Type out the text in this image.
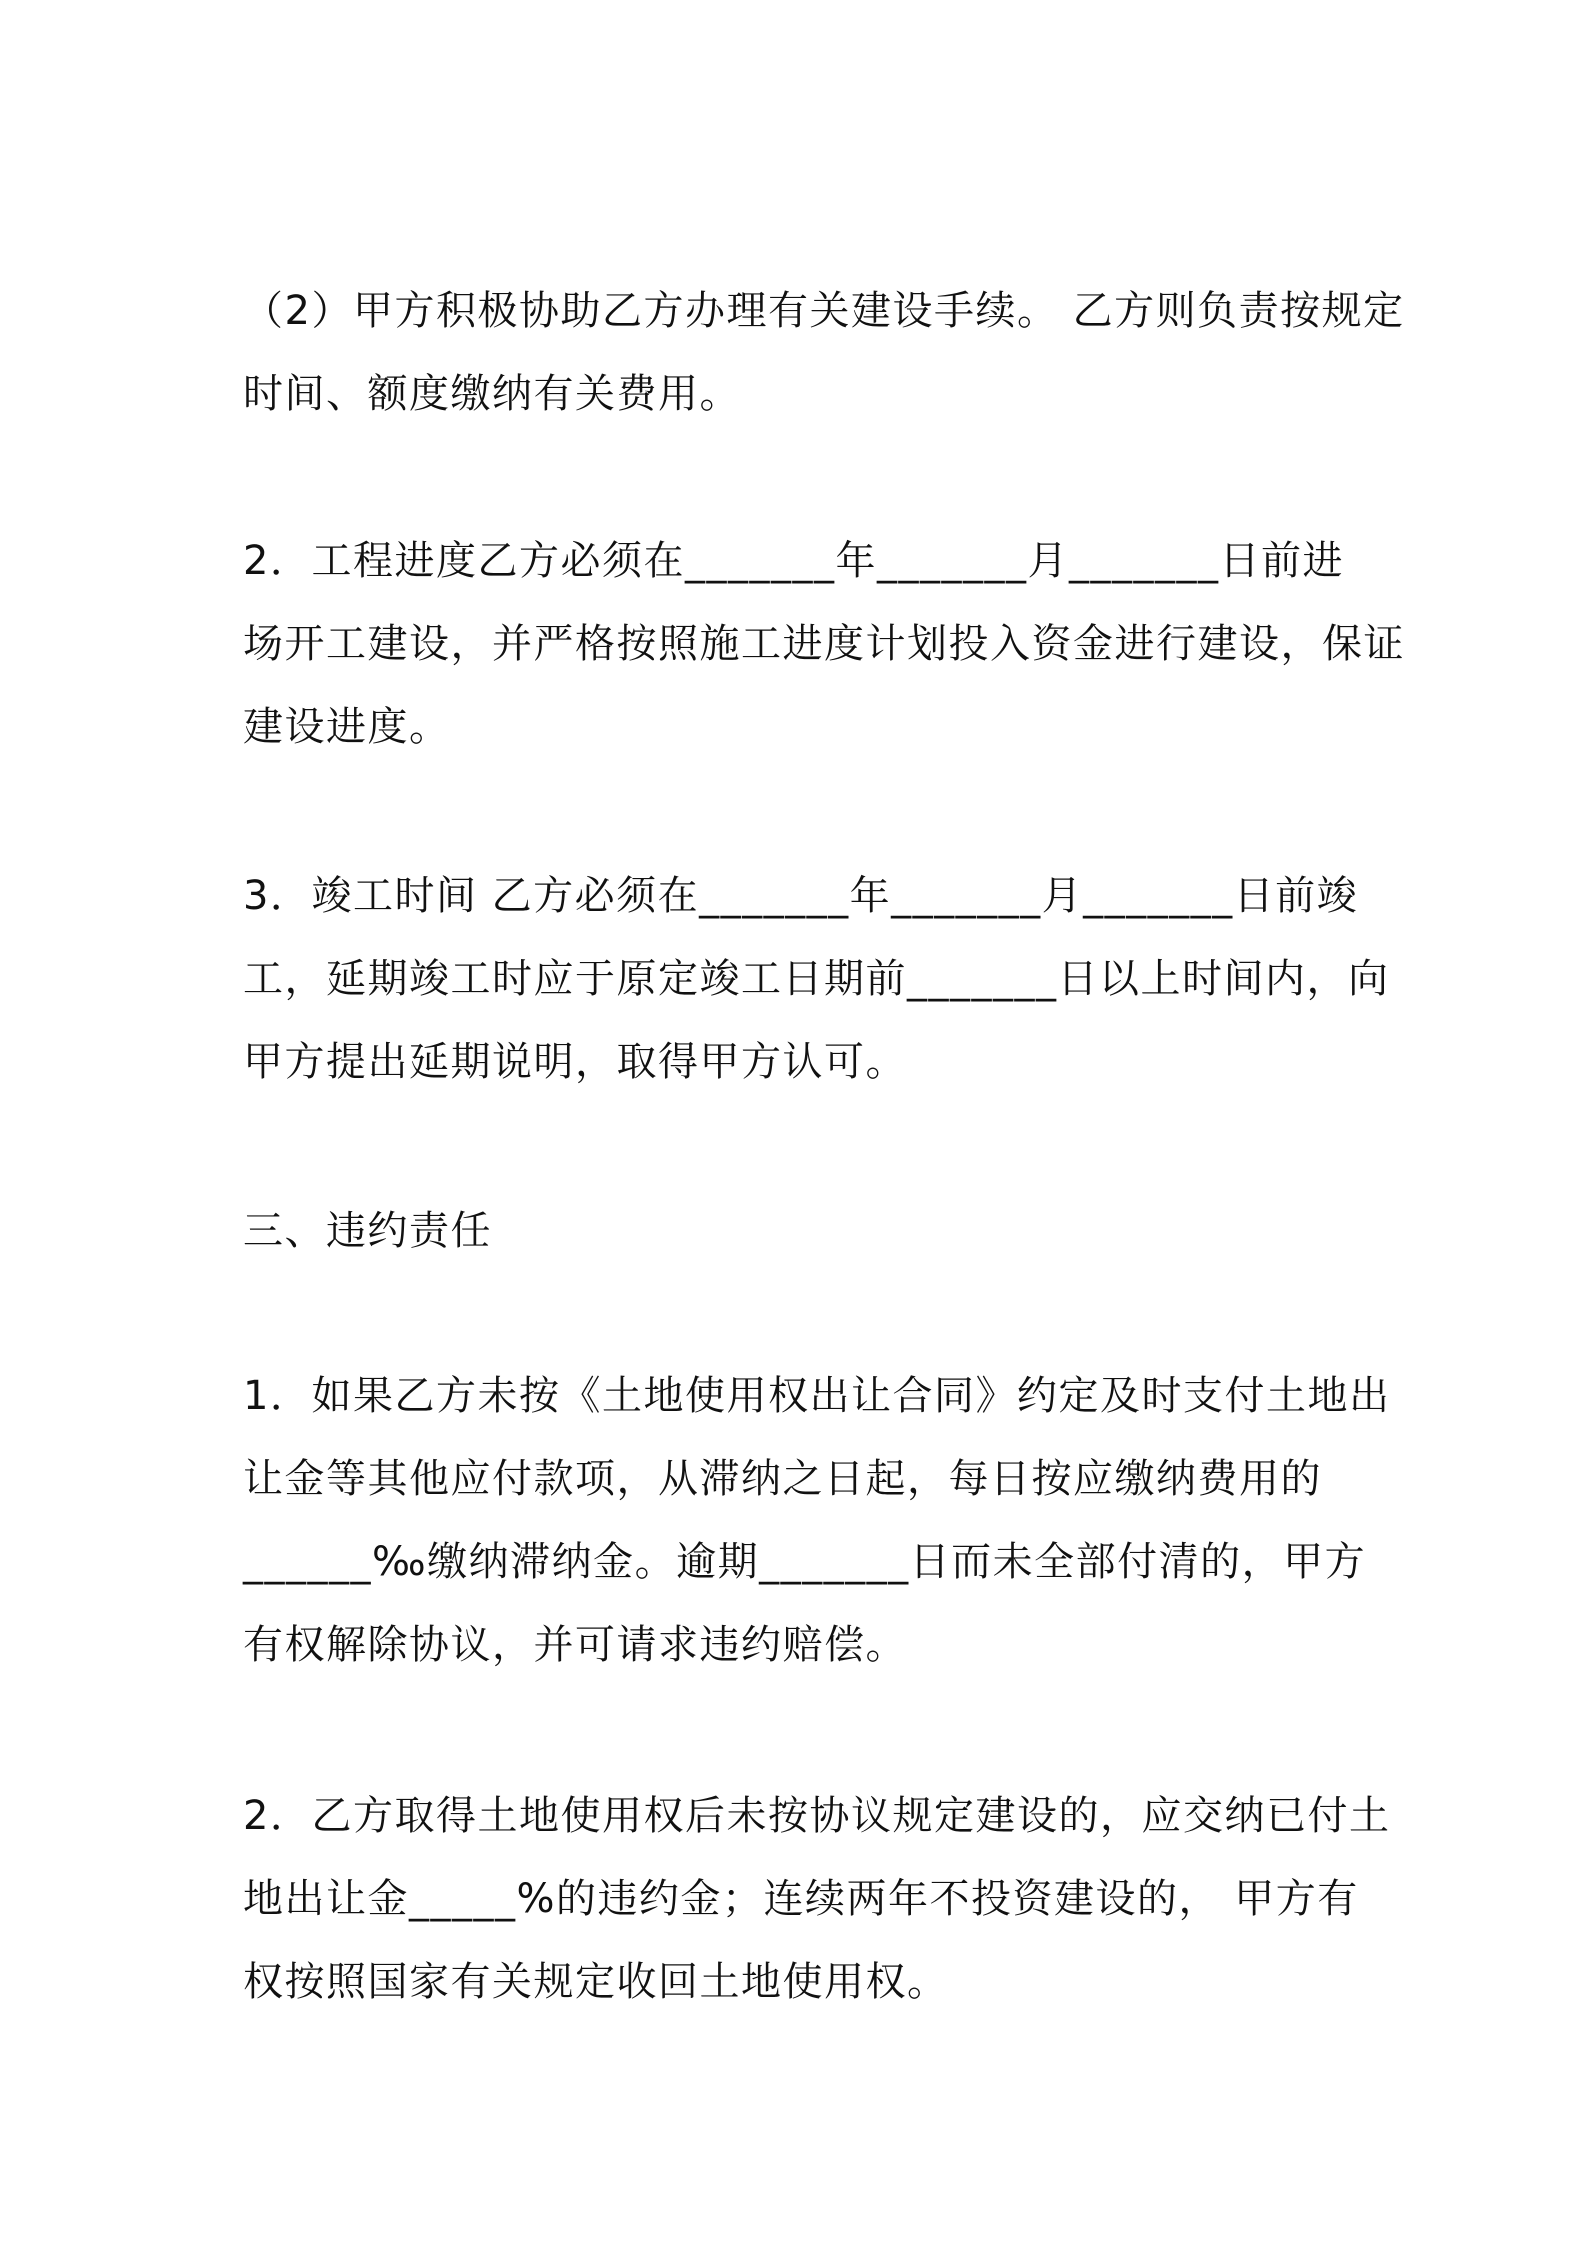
（2）甲方积极协助乙方办理有关建设手续。 乙方则负责按规定
时间、额度缴纳有关费用。

2．工程进度乙方必须在_______年_______月_______日前进
场开工建设，并严格按照施工进度计划投入资金进行建设，保证
建设进度。

3．竣工时间 乙方必须在_______年_______月_______日前竣
工，延期竣工时应于原定竣工日期前_______日以上时间内，向
甲方提出延期说明，取得甲方认可。

三、违约责任

1．如果乙方未按《土地使用权出让合同》约定及时支付土地出
让金等其他应付款项，从滞纳之日起，每日按应缴纳费用的
______‰缴纳滞纳金。逾期_______日而未全部付清的，甲方
有权解除协议，并可请求违约赔偿。

2．乙方取得土地使用权后未按协议规定建设的，应交纳已付土
地出让金_____%的违约金；连续两年不投资建设的， 甲方有
权按照国家有关规定收回土地使用权。
